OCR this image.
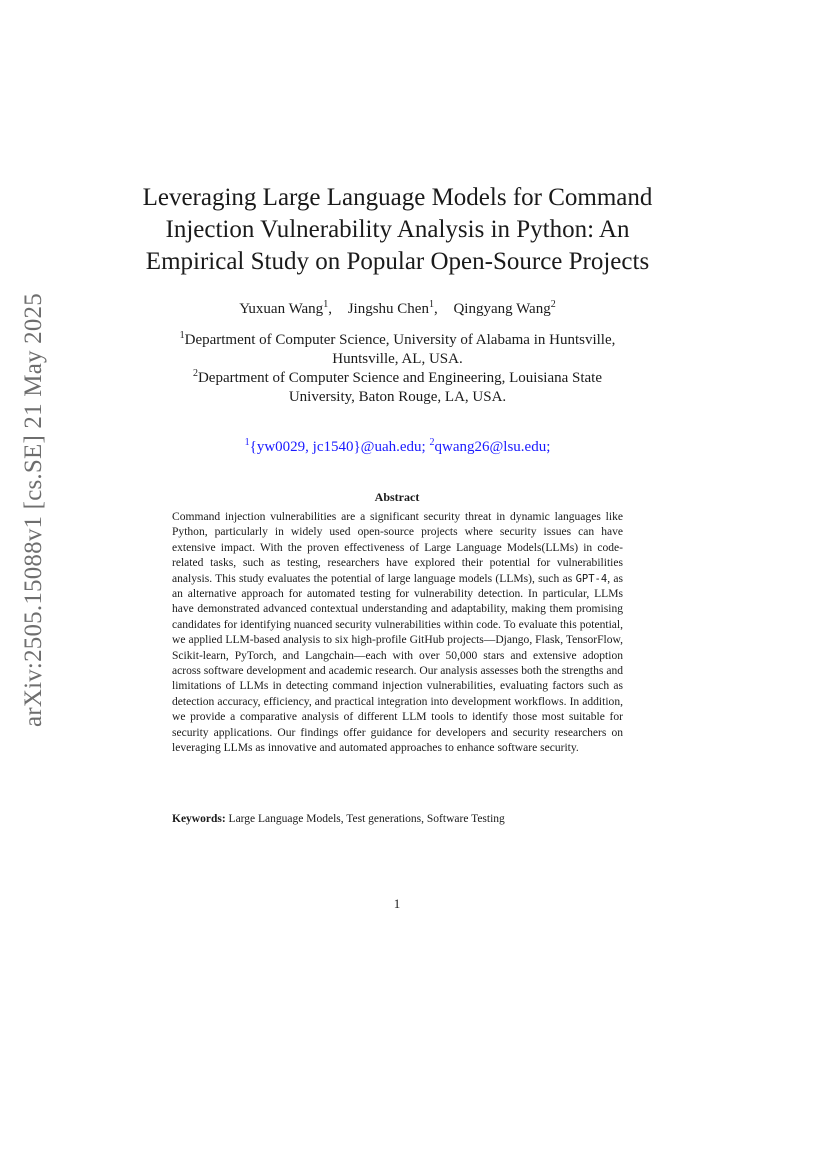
arXiv:2505.15088v1 [cs.SE] 21 May 2025
Leveraging Large Language Models for Command Injection Vulnerability Analysis in Python: An Empirical Study on Popular Open-Source Projects
Yuxuan Wang$^1$, Jingshu Chen$^1$, Qingyang Wang$^2$

$^1$Department of Computer Science, University of Alabama in Huntsville, Huntsville, AL, USA.

$^2$Department of Computer Science and Engineering, Louisiana State University, Baton Rouge, LA, USA.

$^1${yw0029, jc1540}@uah.edu; $^2$qwang26@lsu.edu;
Abstract

Command injection vulnerabilities are a significant security threat in dynamic languages like Python, particularly in widely used open-source projects where security issues can have extensive impact. With the proven effectiveness of Large Language Models(LLMs) in code-related tasks, such as testing, researchers have explored their potential for vulnerabilities analysis. This study evaluates the potential of large language models (LLMs), such as GPT-4, as an alternative approach for automated testing for vulnerability detection. In particular, LLMs have demonstrated advanced contextual understanding and adaptability, making them promising candidates for identifying nuanced security vulnerabilities within code. To evaluate this potential, we applied LLM-based analysis to six high-profile GitHub projects—Django, Flask, TensorFlow, Scikit-learn, PyTorch, and Langchain—each with over 50,000 stars and extensive adoption across software development and academic research. Our analysis assesses both the strengths and limitations of LLMs in detecting command injection vulnerabilities, evaluating factors such as detection accuracy, efficiency, and practical integration into development workflows. In addition, we provide a comparative analysis of different LLM tools to identify those most suitable for security applications. Our findings offer guidance for developers and security researchers on leveraging LLMs as innovative and automated approaches to enhance software security.

Keywords: Large Language Models, Test generations, Software Testing
1
